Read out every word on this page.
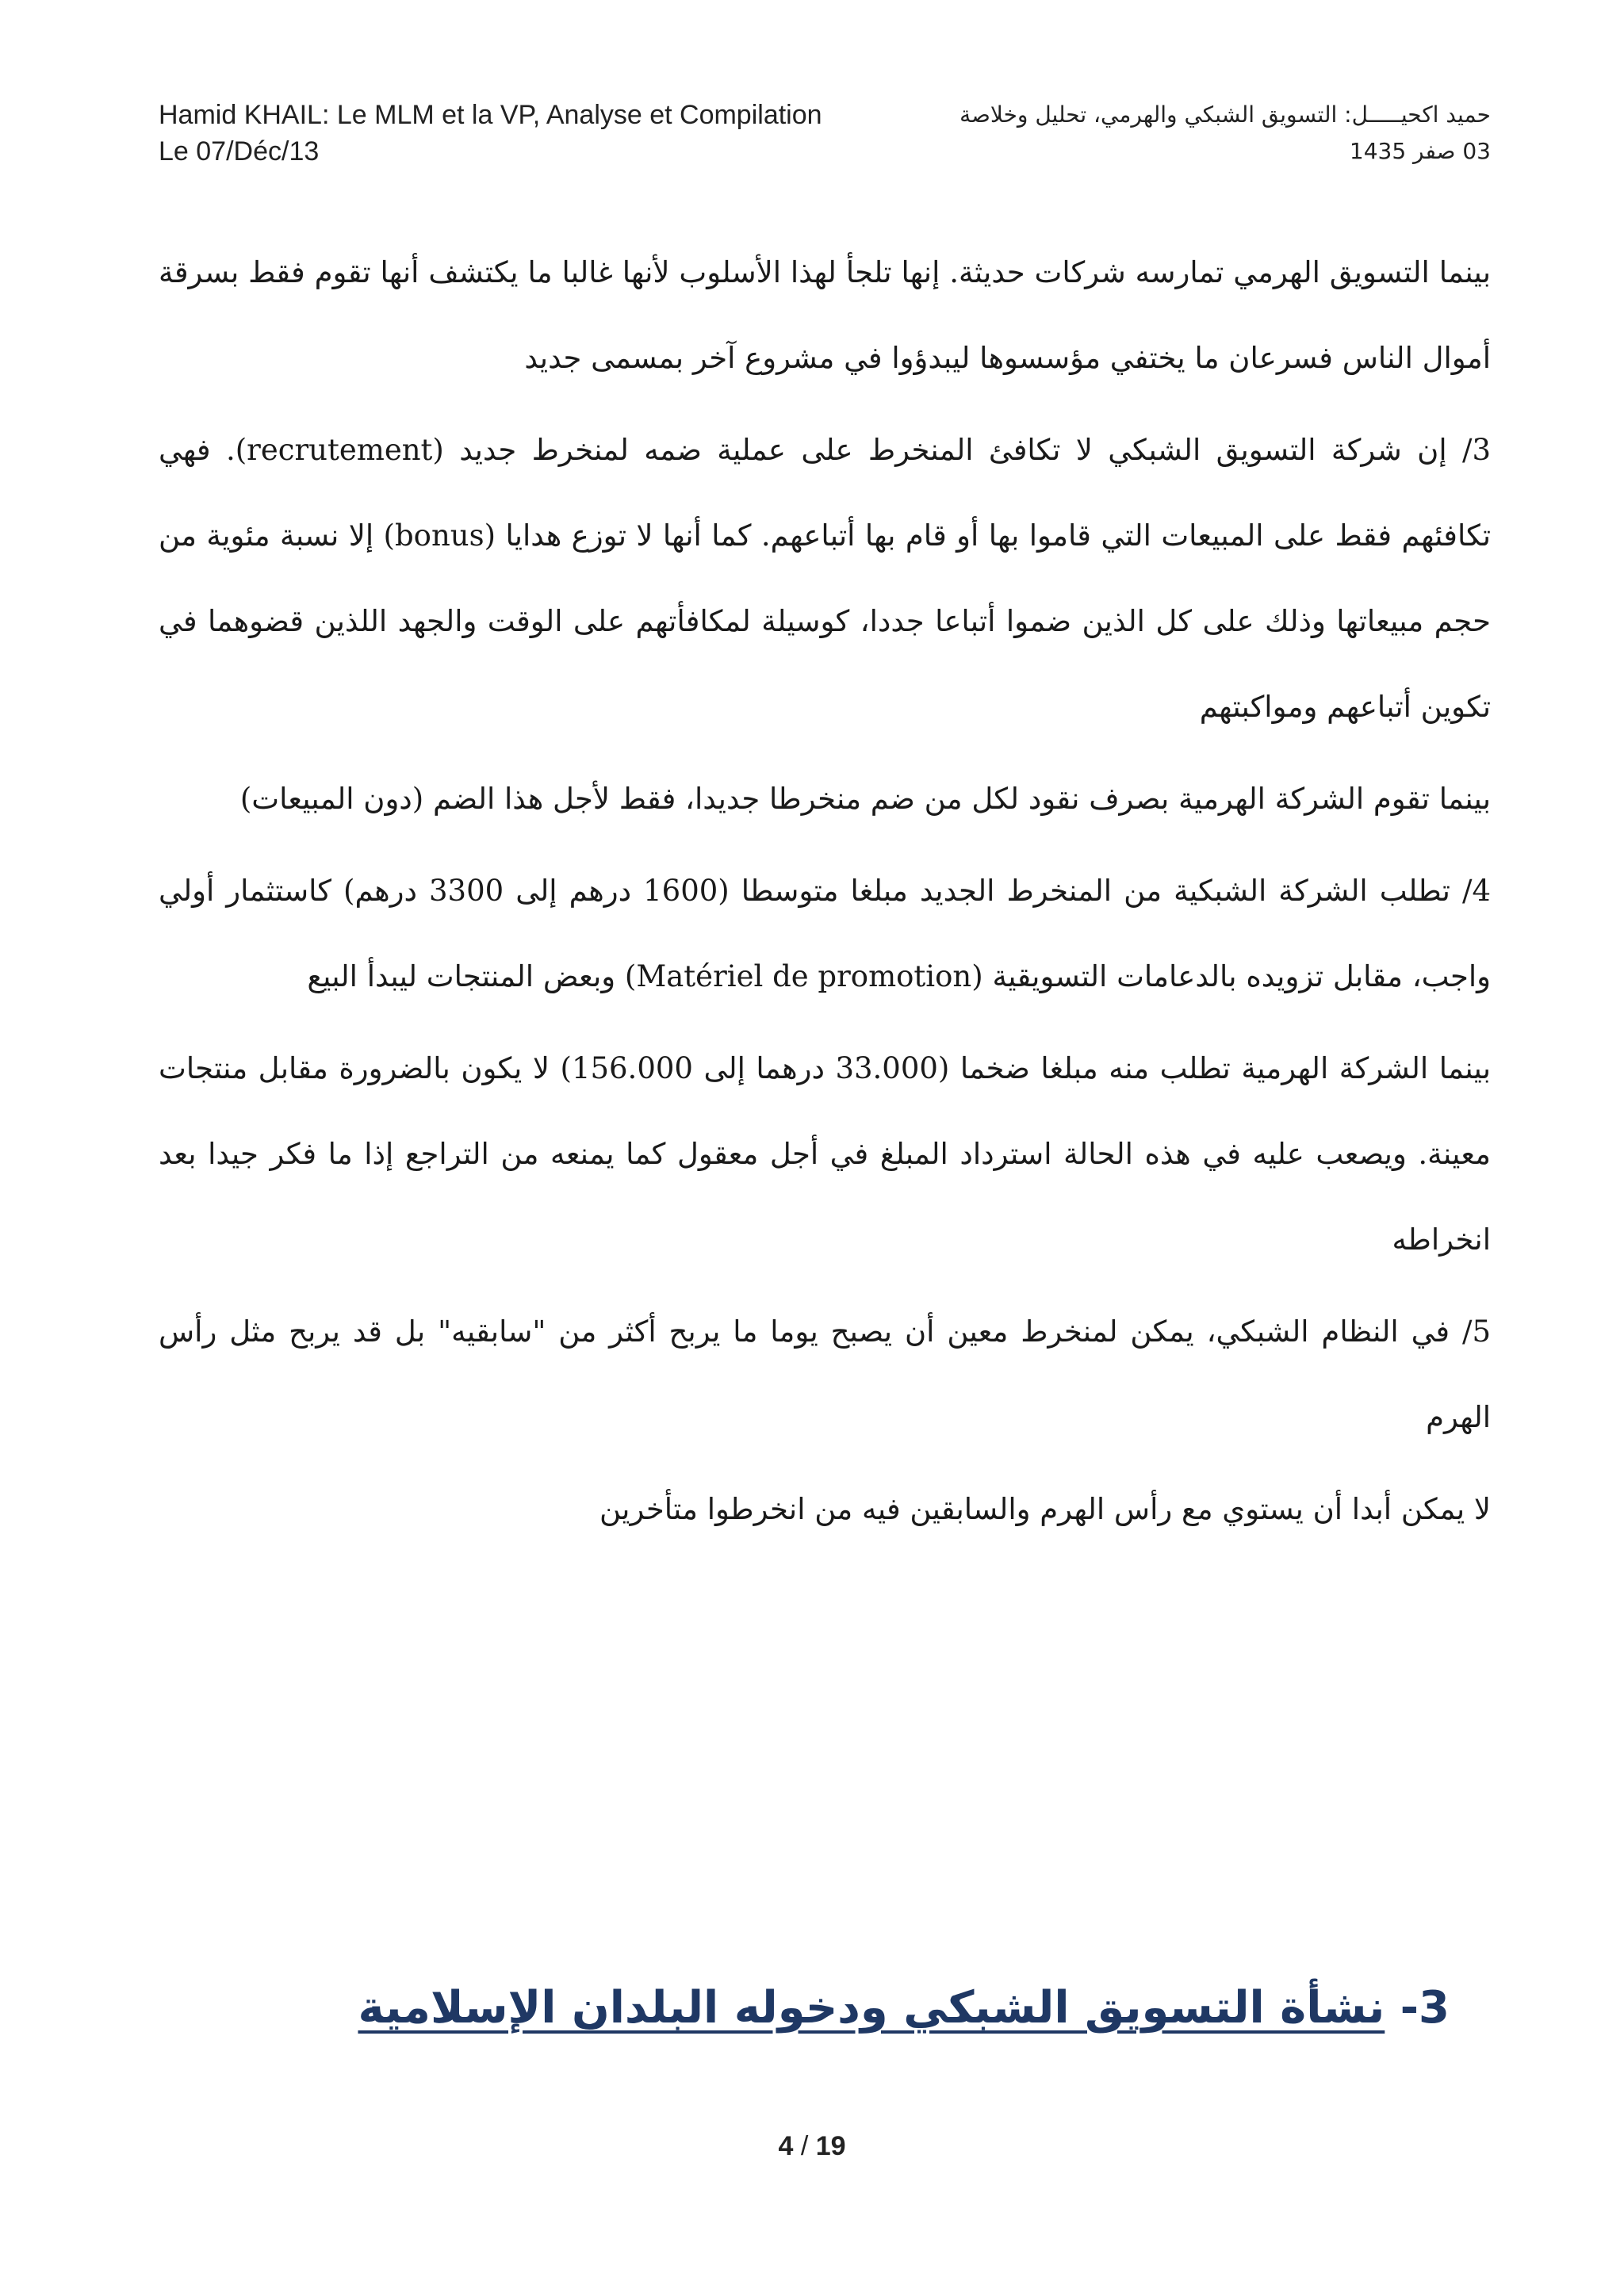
Hamid KHAIL: Le MLM et la VP, Analyse et Compilation
Le 07/Déc/13
حميد اكحيـــــل: التسويق الشبكي والهرمي، تحليل وخلاصة
03 صفر 1435

بينما التسويق الهرمي تمارسه شركات حديثة. إنها تلجأ لهذا الأسلوب لأنها غالبا ما يكتشف أنها تقوم فقط بسرقة أموال الناس فسرعان ما يختفي مؤسسوها ليبدؤوا في مشروع آخر بمسمى جديد

3/ إن شركة التسويق الشبكي لا تكافئ المنخرط على عملية ضمه لمنخرط جديد (recrutement). فهي تكافئهم فقط على المبيعات التي قاموا بها أو قام بها أتباعهم. كما أنها لا توزع هدايا (bonus) إلا نسبة مئوية من حجم مبيعاتها وذلك على كل الذين ضموا أتباعا جددا، كوسيلة لمكافأتهم على الوقت والجهد اللذين قضوهما في تكوين أتباعهم ومواكبتهم

بينما تقوم الشركة الهرمية بصرف نقود لكل من ضم منخرطا جديدا، فقط لأجل هذا الضم (دون المبيعات)

4/ تطلب الشركة الشبكية من المنخرط الجديد مبلغا متوسطا (1600 درهم إلى 3300 درهم) كاستثمار أولي واجب، مقابل تزويده بالدعامات التسويقية (Matériel de promotion) وبعض المنتجات ليبدأ البيع

بينما الشركة الهرمية تطلب منه مبلغا ضخما (33.000 درهما إلى 156.000) لا يكون بالضرورة مقابل منتجات معينة. ويصعب عليه في هذه الحالة استرداد المبلغ في أجل معقول كما يمنعه من التراجع إذا ما فكر جيدا بعد انخراطه

5/ في النظام الشبكي، يمكن لمنخرط معين أن يصبح يوما ما يربح أكثر من "سابقيه" بل قد يربح مثل رأس الهرم

لا يمكن أبدا أن يستوي مع رأس الهرم والسابقين فيه من انخرطوا متأخرين

3- نشأة التسويق الشبكي ودخوله البلدان الإسلامية
4 / 19
